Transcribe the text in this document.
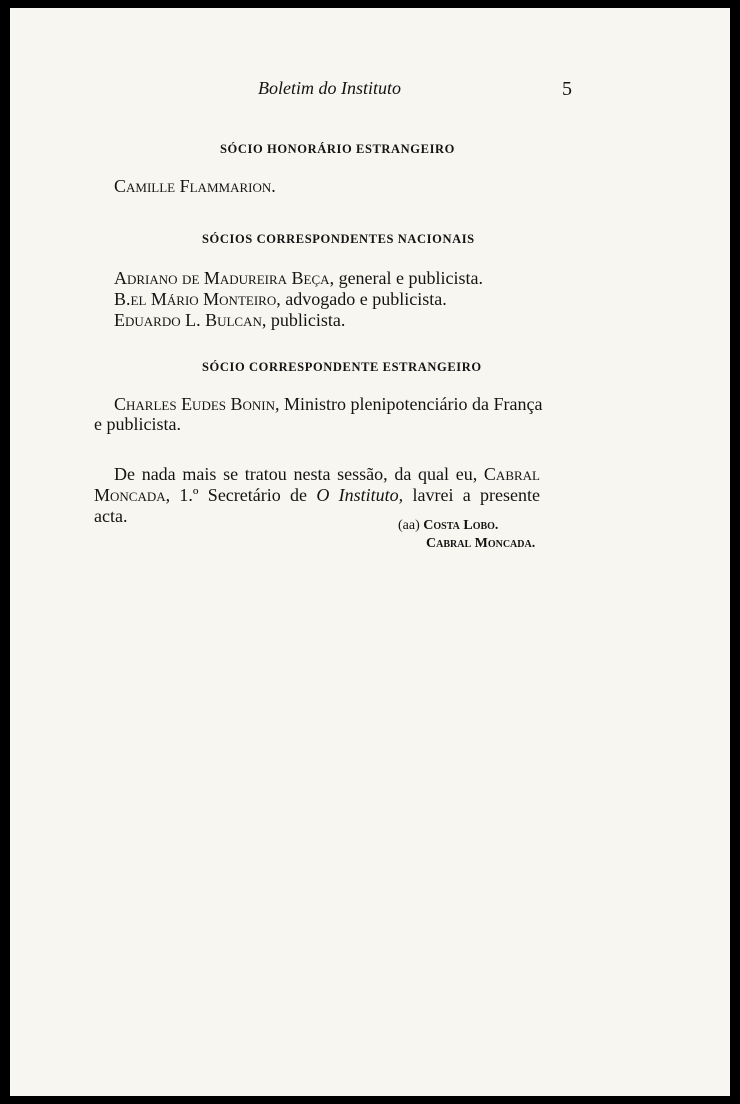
Boletim do Instituto	5
SÓCIO HONORÁRIO ESTRANGEIRO
Camille Flammarion.
SÓCIOS CORRESPONDENTES NACIONAIS
Adriano de Madureira Beça, general e publicista.
B.el Mário Monteiro, advogado e publicista.
Eduardo L. Bulcan, publicista.
SÓCIO CORRESPONDENTE ESTRANGEIRO
Charles Eudes Bonin, Ministro plenipotenciário da França
e publicista.
De nada mais se tratou nesta sessão, da qual eu, Cabral
Moncada, 1.º Secretário de O Instituto, lavrei a presente
acta.	(aa) Costa Lobo.
Cabral Moncada.
